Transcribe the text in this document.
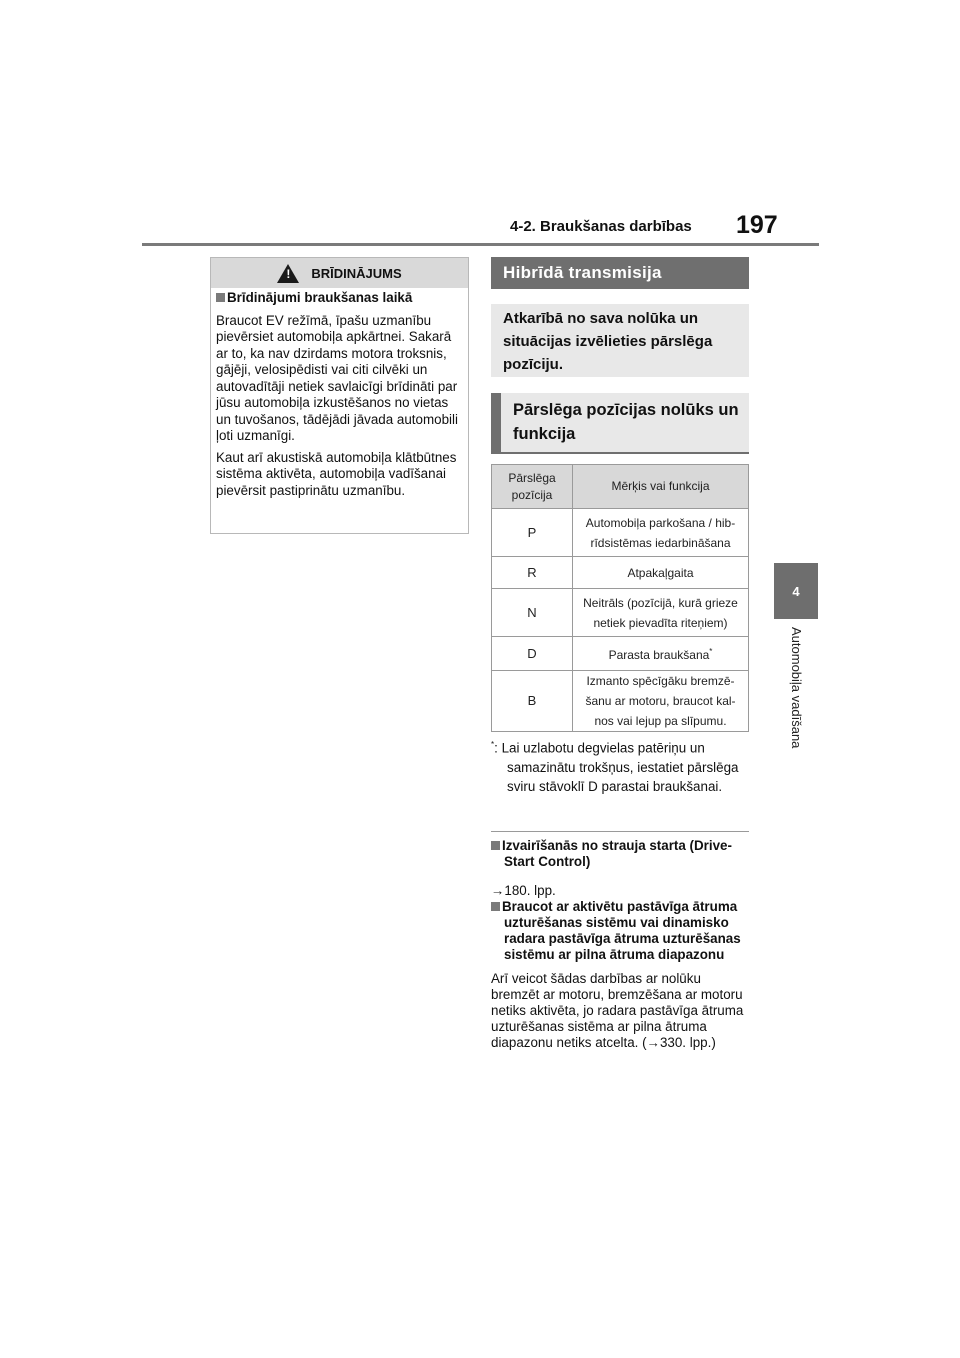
4-2. Braukšanas darbības 197
4
Automobiļa vadīšana
!
BRĪDINĀJUMS

Brīdinājumi braukšanas laikā

Braucot EV režīmā, īpašu uzmanību pievērsiet automobiļa apkārtnei. Sakarā ar to, ka nav dzirdams motora troksnis, gājēji, velosipēdisti vai citi cilvēki un autovadītāji netiek savlaicīgi brīdināti par jūsu automobiļa izkustēšanos no vietas un tuvošanos, tādējādi jāvada automobili ļoti uzmanīgi.

Kaut arī akustiskā automobiļa klātbūtnes sistēma aktivēta, automobiļa vadīšanai pievērsit pastiprinātu uzmanību.

Hibrīdā transmisija
Atkarībā no sava nolūka un situācijas izvēlieties pārslēga pozīciju.
Pārslēga pozīcijas nolūks un funkcija
Pārslēga pozīcija	Mērķis vai funkcija
P	Automobiļa parkošana / hib- rīdsistēmas iedarbināšana
R	Atpakaļgaita
N	Neitrāls (pozīcijā, kurā grieze netiek pievadīta riteņiem)
D	Parasta braukšana*
B	Izmanto spēcīgāku bremzē- šanu ar motoru, braucot kal- nos vai lejup pa slīpumu.
*: Lai uzlabotu degvielas patēriņu un samazinātu trokšņus, iestatiet pārslēga sviru stāvoklī D parastai braukšanai.
Izvairīšanās no strauja starta (Drive-Start Control)
→180. lpp.
Braucot ar aktivētu pastāvīga ātruma uzturēšanas sistēmu vai dinamisko radara pastāvīga ātruma uzturēšanas sistēmu ar pilna ātruma diapazonu
Arī veicot šādas darbības ar nolūku bremzēt ar motoru, bremzēšana ar motoru netiks aktivēta, jo radara pastāvīga ātruma uzturēšanas sistēma ar pilna ātruma diapazonu netiks atcelta. (→330. lpp.)
